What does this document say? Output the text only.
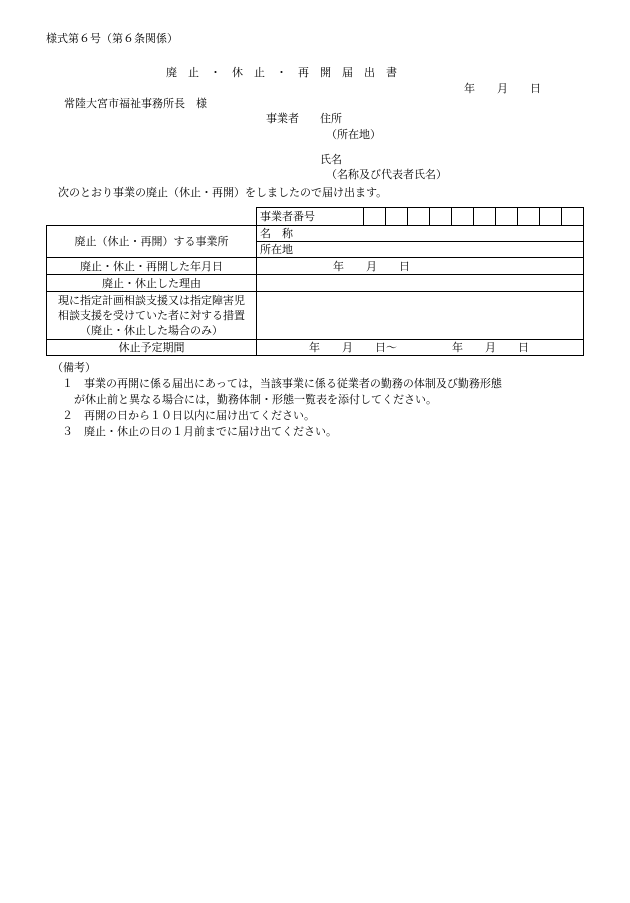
様式第６号（第６条関係）
廃　止　・　休　止　・　再　開　届　出　書
年　　月　　日
常陸大宮市福祉事務所長　様
事業者 住所
（所在地）
氏名
（名称及び代表者氏名）
次のとおり事業の廃止（休止・再開）をしましたので届け出ます。
	事業者番号										
廃止（休止・再開）する事業所	名　称										
	所在地										
廃止・休止・再開した年月日	年　　月　　日										
廃止・休止した理由											

現に指定計画相談支援又は指定障害児
相談支援を受けていた者に対する措置
（廃止・休止した場合のみ）											

休止予定期間	年　　月　　日〜　　　　　年　　月　　日										
（備考）
１　事業の再開に係る届出にあっては，当該事業に係る従業者の勤務の体制及び勤務形態
が休止前と異なる場合には，勤務体制・形態一覧表を添付してください。
２　再開の日から１０日以内に届け出てください。
３　廃止・休止の日の１月前までに届け出てください。
